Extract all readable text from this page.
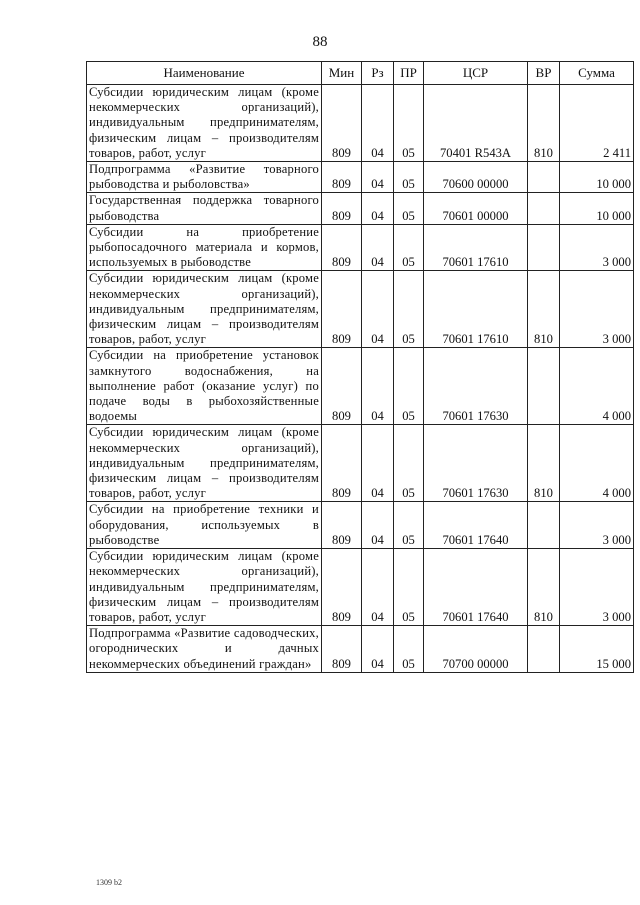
88
Наименование	Мин	Рз	ПР	ЦСР	ВР	Сумма
Субсидии юридическим лицам (кроме некоммерческих организаций), индивидуальным предпринимателям, физическим лицам – производителям товаров, работ, услуг	809	04	05	70401 R543A	810	2 411
Подпрограмма «Развитие товарного рыбоводства и рыболовства»	809	04	05	70600 00000		10 000
Государственная поддержка товарного рыбоводства	809	04	05	70601 00000		10 000
Субсидии на приобретение рыбопосадочного материала и кормов, используемых в рыбоводстве	809	04	05	70601 17610		3 000
Субсидии юридическим лицам (кроме некоммерческих организаций), индивидуальным предпринимателям, физическим лицам – производителям товаров, работ, услуг	809	04	05	70601 17610	810	3 000
Субсидии на приобретение установок замкнутого водоснабжения, на выполнение работ (оказание услуг) по подаче воды в рыбохозяйственные водоемы	809	04	05	70601 17630		4 000
Субсидии юридическим лицам (кроме некоммерческих организаций), индивидуальным предпринимателям, физическим лицам – производителям товаров, работ, услуг	809	04	05	70601 17630	810	4 000
Субсидии на приобретение техники и оборудования, используемых в рыбоводстве	809	04	05	70601 17640		3 000
Субсидии юридическим лицам (кроме некоммерческих организаций), индивидуальным предпринимателям, физическим лицам – производителям товаров, работ, услуг	809	04	05	70601 17640	810	3 000
Подпрограмма «Развитие садоводческих, огороднических и дачных некоммерческих объединений граждан»	809	04	05	70700 00000		15 000
1309 b2
